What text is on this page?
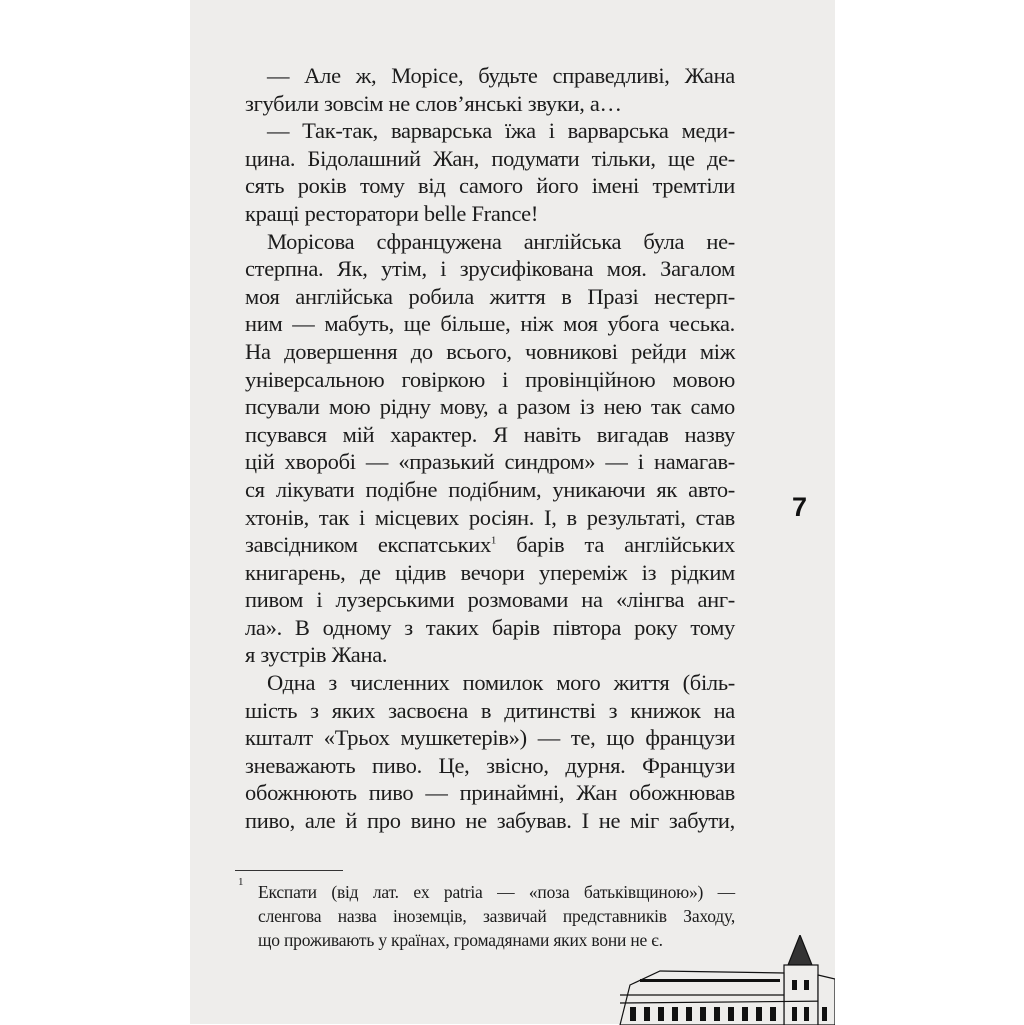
— Але ж, Морісе, будьте справедливі, Жана
згубили зовсім не слов’янські звуки, а…
— Так-так, варварська їжа і варварська меди-
цина. Бідолашний Жан, подумати тільки, ще де-
сять років тому від самого його імені тремтіли
кращі ресторатори belle France!
Морісова сфранцужена англійська була не-
стерпна. Як, утім, і зрусифікована моя. Загалом
моя англійська робила життя в Празі нестерп-
ним — мабуть, ще більше, ніж моя убога чеська.
На довершення до всього, човникові рейди між
універсальною говіркою і провінційною мовою
псували мою рідну мову, а разом із нею так само
псувався мій характер. Я навіть вигадав назву
цій хворобі — «празький синдром» — і намагав-
ся лікувати подібне подібним, уникаючи як авто-
хтонів, так і місцевих росіян. І, в результаті, став
завсідником експатських$^1$ барів та англійських
книгарень, де цідив вечори упереміж із рідким
пивом і лузерськими розмовами на «лінгва анг-
ла». В одному з таких барів півтора року тому
я зустрів Жана.
Одна з численних помилок мого життя (біль-
шість з яких засвоєна в дитинстві з книжок на
кшталт «Трьох мушкетерів») — те, що французи
зневажають пиво. Це, звісно, дурня. Французи
обожнюють пиво — принаймні, Жан обожнював
пиво, але й про вино не забував. І не міг забути,
1 Експати (від лат. ex patria — «поза батьківщиною») —
сленгова назва іноземців, зазвичай представників Заходу,
що проживають у країнах, громадянами яких вони не є.
7
